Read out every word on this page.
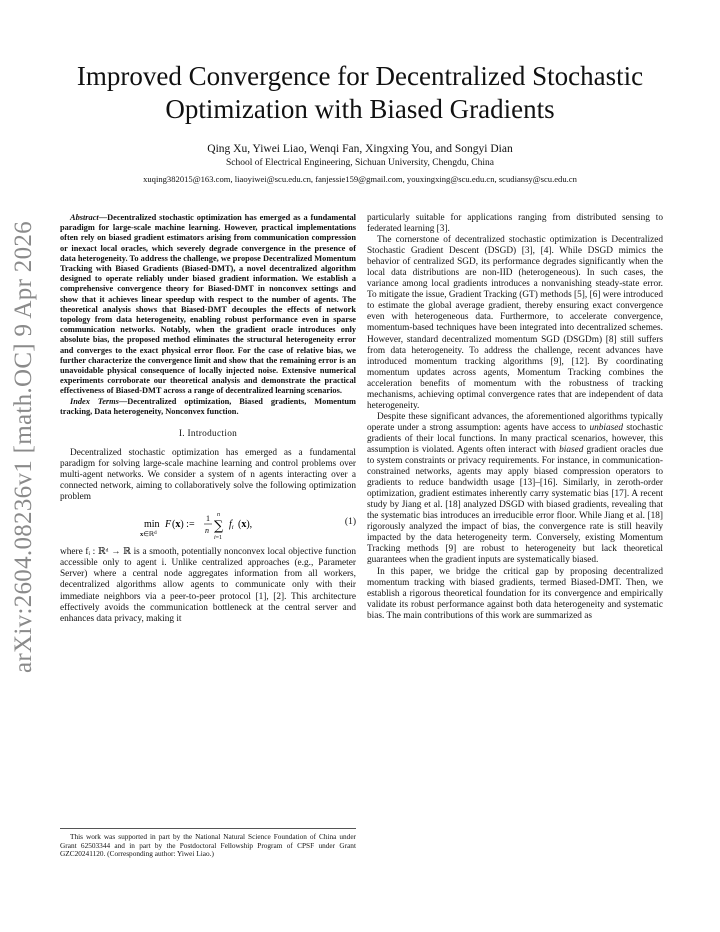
arXiv:2604.08236v1 [math.OC] 9 Apr 2026
Improved Convergence for Decentralized Stochastic
Optimization with Biased Gradients
Qing Xu, Yiwei Liao, Wenqi Fan, Xingxing You, and Songyi Dian
School of Electrical Engineering, Sichuan University, Chengdu, China
xuqing382015@163.com, liaoyiwei@scu.edu.cn, fanjessie159@gmail.com, youxingxing@scu.edu.cn, scudiansy@scu.edu.cn

Abstract—Decentralized stochastic optimization has emerged as a fundamental paradigm for large-scale machine learning. However, practical implementations often rely on biased gradient estimators arising from communication compression or inexact local oracles, which severely degrade convergence in the presence of data heterogeneity. To address the challenge, we propose Decentralized Momentum Tracking with Biased Gradients (Biased-DMT), a novel decentralized algorithm designed to operate reliably under biased gradient information. We establish a comprehensive convergence theory for Biased-DMT in nonconvex settings and show that it achieves linear speedup with respect to the number of agents. The theoretical analysis shows that Biased-DMT decouples the effects of network topology from data heterogeneity, enabling robust performance even in sparse communication networks. Notably, when the gradient oracle introduces only absolute bias, the proposed method eliminates the structural heterogeneity error and converges to the exact physical error floor. For the case of relative bias, we further characterize the convergence limit and show that the remaining error is an unavoidable physical consequence of locally injected noise. Extensive numerical experiments corroborate our theoretical analysis and demonstrate the practical effectiveness of Biased-DMT across a range of decentralized learning scenarios.

Index Terms—Decentralized optimization, Biased gradients, Momentum tracking, Data heterogeneity, Nonconvex function.

I. Introduction

Decentralized stochastic optimization has emerged as a fundamental paradigm for solving large-scale machine learning and control problems over multi-agent networks. We consider a system of n agents interacting over a connected network, aiming to collaboratively solve the following optimization problem

min
x∈ℝ$^d$
F (x) :=
1
n
n
∑
i=1
$f_i$ (x),	(1)

where fᵢ : ℝᵈ → ℝ is a smooth, potentially nonconvex local objective function accessible only to agent i. Unlike centralized approaches (e.g., Parameter Server) where a central node aggregates information from all workers, decentralized algorithms allow agents to communicate only with their immediate neighbors via a peer-to-peer protocol [1], [2]. This architecture effectively avoids the communication bottleneck at the central server and enhances data privacy, making it

This work was supported in part by the National Natural Science Foundation of China under Grant 62503344 and in part by the Postdoctoral Fellowship Program of CPSF under Grant GZC20241120. (Corresponding author: Yiwei Liao.)

particularly suitable for applications ranging from distributed sensing to federated learning [3].

The cornerstone of decentralized stochastic optimization is Decentralized Stochastic Gradient Descent (DSGD) [3], [4]. While DSGD mimics the behavior of centralized SGD, its performance degrades significantly when the local data distributions are non-IID (heterogeneous). In such cases, the variance among local gradients introduces a nonvanishing steady-state error. To mitigate the issue, Gradient Tracking (GT) methods [5], [6] were introduced to estimate the global average gradient, thereby ensuring exact convergence even with heterogeneous data. Furthermore, to accelerate convergence, momentum-based techniques have been integrated into decentralized schemes. However, standard decentralized momentum SGD (DSGDm) [8] still suffers from data heterogeneity. To address the challenge, recent advances have introduced momentum tracking algorithms [9], [12]. By coordinating momentum updates across agents, Momentum Tracking combines the acceleration benefits of momentum with the robustness of tracking mechanisms, achieving optimal convergence rates that are independent of data heterogeneity.

Despite these significant advances, the aforementioned algorithms typically operate under a strong assumption: agents have access to unbiased stochastic gradients of their local functions. In many practical scenarios, however, this assumption is violated. Agents often interact with biased gradient oracles due to system constraints or privacy requirements. For instance, in communication-constrained networks, agents may apply biased compression operators to gradients to reduce bandwidth usage [13]–[16]. Similarly, in zeroth-order optimization, gradient estimates inherently carry systematic bias [17]. A recent study by Jiang et al. [18] analyzed DSGD with biased gradients, revealing that the systematic bias introduces an irreducible error floor. While Jiang et al. [18] rigorously analyzed the impact of bias, the convergence rate is still heavily impacted by the data heterogeneity term. Conversely, existing Momentum Tracking methods [9] are robust to heterogeneity but lack theoretical guarantees when the gradient inputs are systematically biased.

In this paper, we bridge the critical gap by proposing decentralized momentum tracking with biased gradients, termed Biased-DMT. Then, we establish a rigorous theoretical foundation for its convergence and empirically validate its robust performance against both data heterogeneity and systematic bias. The main contributions of this work are summarized as
